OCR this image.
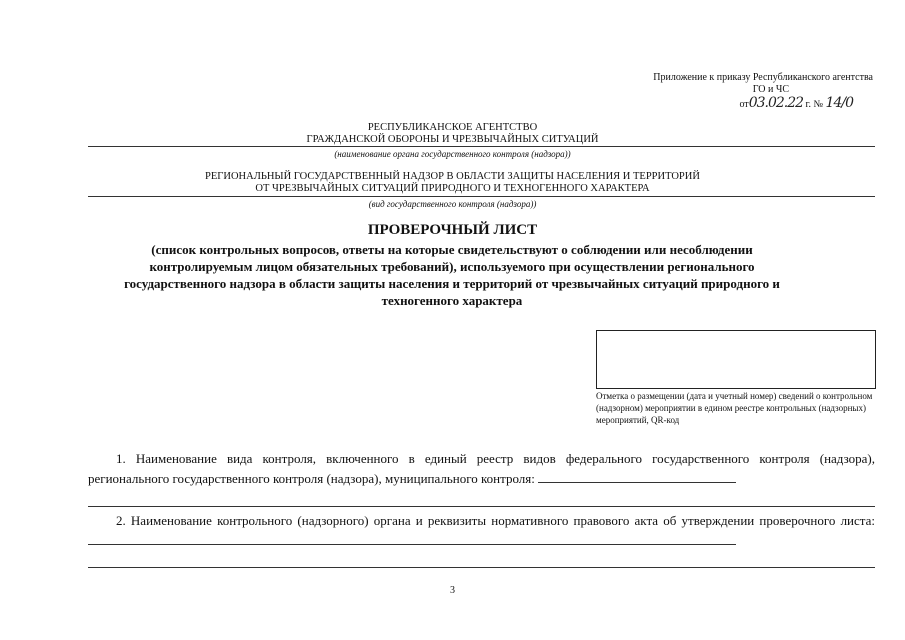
Приложение к приказу Республиканского агентства
ГО и ЧС
от03.02.22 г. № 14/0
РЕСПУБЛИКАНСКОЕ АГЕНТСТВО
ГРАЖДАНСКОЙ ОБОРОНЫ И ЧРЕЗВЫЧАЙНЫХ СИТУАЦИЙ
(наименование органа государственного контроля (надзора))
РЕГИОНАЛЬНЫЙ ГОСУДАРСТВЕННЫЙ НАДЗОР В ОБЛАСТИ ЗАЩИТЫ НАСЕЛЕНИЯ И ТЕРРИТОРИЙ
ОТ ЧРЕЗВЫЧАЙНЫХ СИТУАЦИЙ ПРИРОДНОГО И ТЕХНОГЕННОГО ХАРАКТЕРА
(вид государственного контроля (надзора))
ПРОВЕРОЧНЫЙ ЛИСТ
(список контрольных вопросов, ответы на которые свидетельствуют о соблюдении или несоблюдении контролируемым лицом обязательных требований), используемого при осуществлении регионального государственного надзора в области защиты населения и территорий от чрезвычайных ситуаций природного и техногенного характера
Отметка о размещении (дата и учетный номер) сведений о контрольном (надзорном) мероприятии в едином реестре контрольных (надзорных) мероприятий, QR-код
1. Наименование вида контроля, включенного в единый реестр видов федерального государственного контроля (надзора), регионального государственного контроля (надзора), муниципального контроля:
2. Наименование контрольного (надзорного) органа и реквизиты нормативного правового акта об утверждении проверочного листа:
3
